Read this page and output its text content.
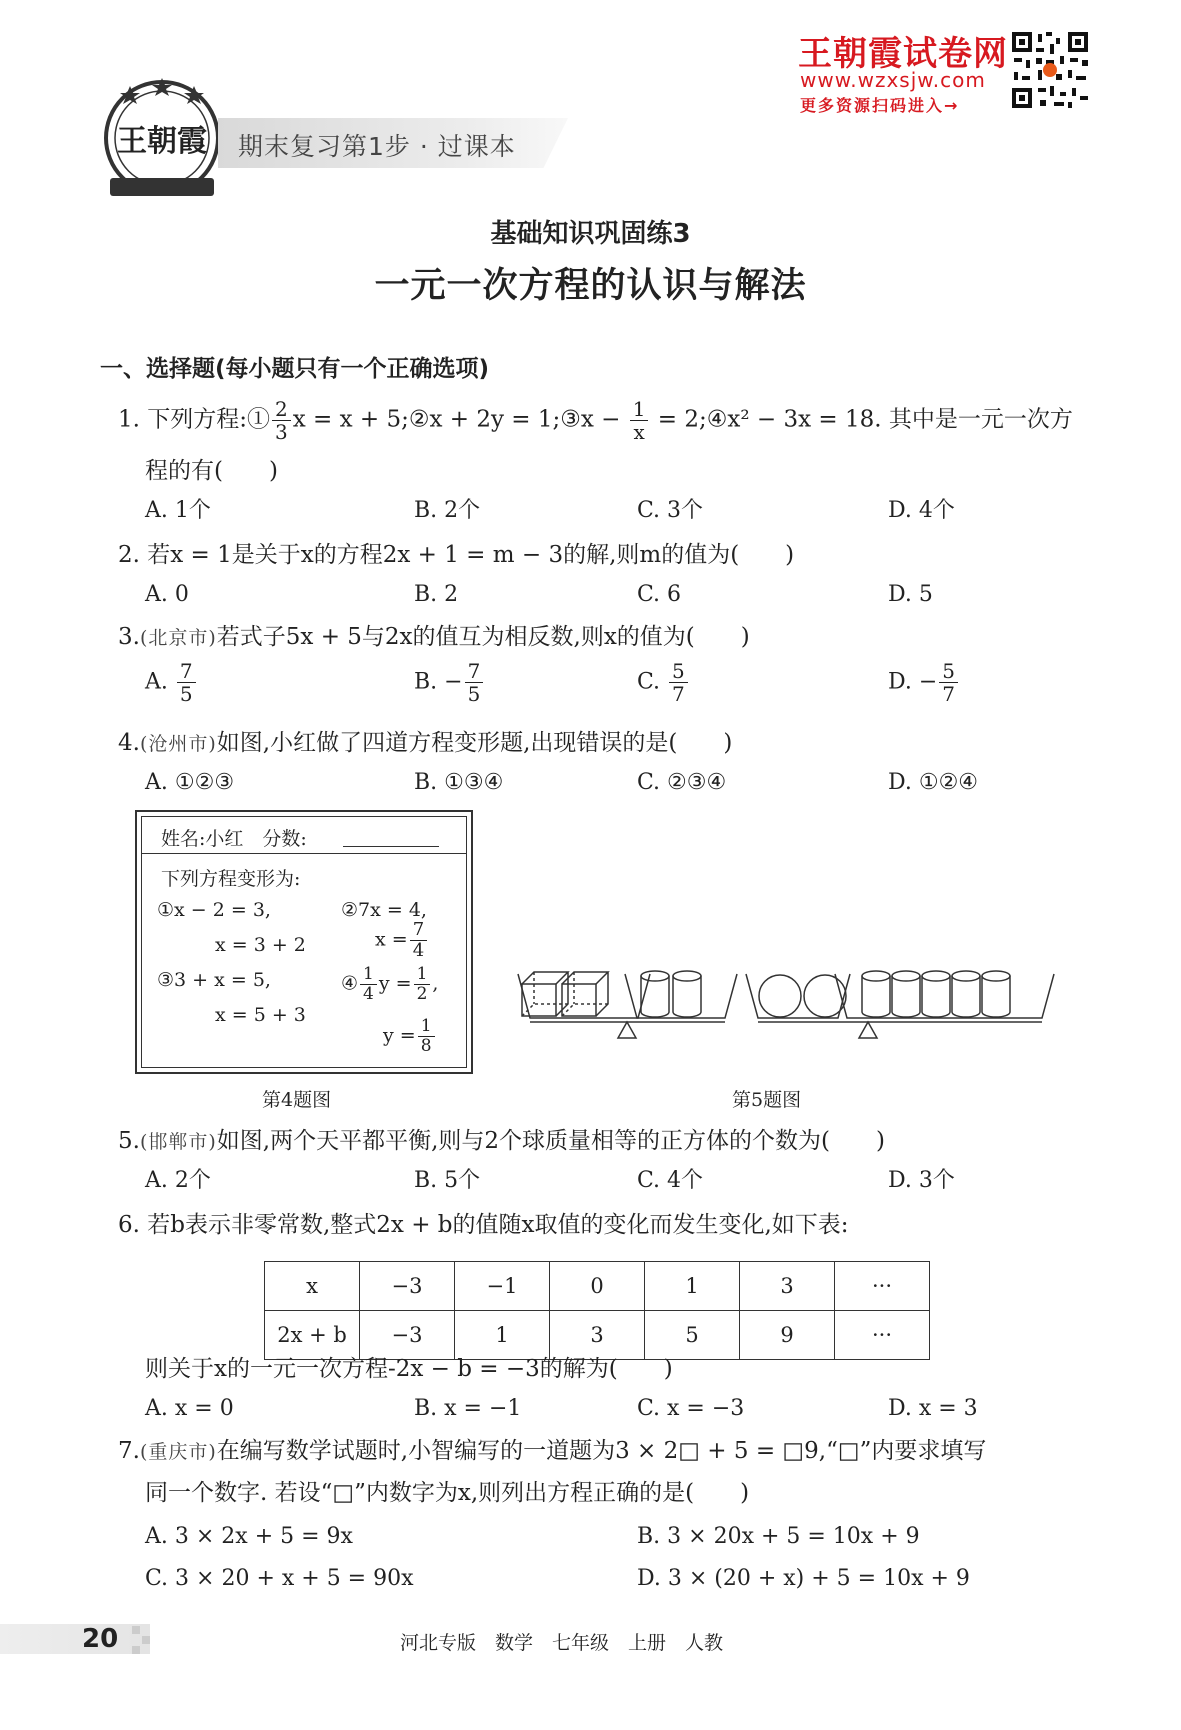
王朝霞 期末复习第1步 · 过课本
王朝霞试卷网
www.wzxsjw.com
更多资源扫码进入→
基础知识巩固练3
一元一次方程的认识与解法
一、选择题(每小题只有一个正确选项)
1. 下列方程:① $\frac{2}{3}$ x = x + 5;②x + 2y = 1;③x − $\frac{1}{x}$ = 2;④x² − 3x = 18. 其中是一元一次方
程的有(　　)
A. 1个	B. 2个	C. 3个	D. 4个
2. 若x = 1是关于x的方程2x + 1 = m − 3的解,则m的值为(　　)
A. 0	B. 2	C. 6	D. 5
3.(北京市)若式子5x + 5与2x的值互为相反数,则x的值为(　　)
A. $\frac{7}{5}$	B. − $\frac{7}{5}$	C. $\frac{5}{7}$	D. − $\frac{5}{7}$
4.(沧州市)如图,小红做了四道方程变形题,出现错误的是(　　)
A. ①②③	B. ①③④	C. ②③④	D. ①②④
姓名:小红　分数:
下列方程变形为:
①x − 2 = 3,
x = 3 + 2
②7x = 4,
$x = \frac{7}{4}$
③3 + x = 5,
x = 5 + 3
④ $\frac{1}{4}$ $y = \frac{1}{2}$ ,
$y = \frac{1}{8}$
第4题图	第5题图
5.(邯郸市)如图,两个天平都平衡,则与2个球质量相等的正方体的个数为(　　)
A. 2个	B. 5个	C. 4个	D. 3个
6. 若b表示非零常数,整式2x + b的值随x取值的变化而发生变化,如下表:
x	−3	−1	0	1	3	···
2x + b	−3	1	3	5	9	···
则关于x的一元一次方程-2x − b = −3的解为(　　)
A. x = 0	B. x = −1	C. x = −3	D. x = 3
7.(重庆市)在编写数学试题时,小智编写的一道题为3 × 2□ + 5 = □9,“□”内要求填写
同一个数字. 若设“□”内数字为x,则列出方程正确的是(　　)
A. 3 × 2x + 5 = 9x	B. 3 × 20x + 5 = 10x + 9
C. 3 × 20 + x + 5 = 90x	D. 3 × (20 + x) + 5 = 10x + 9
20	河北专版　数学　七年级　上册　人教
